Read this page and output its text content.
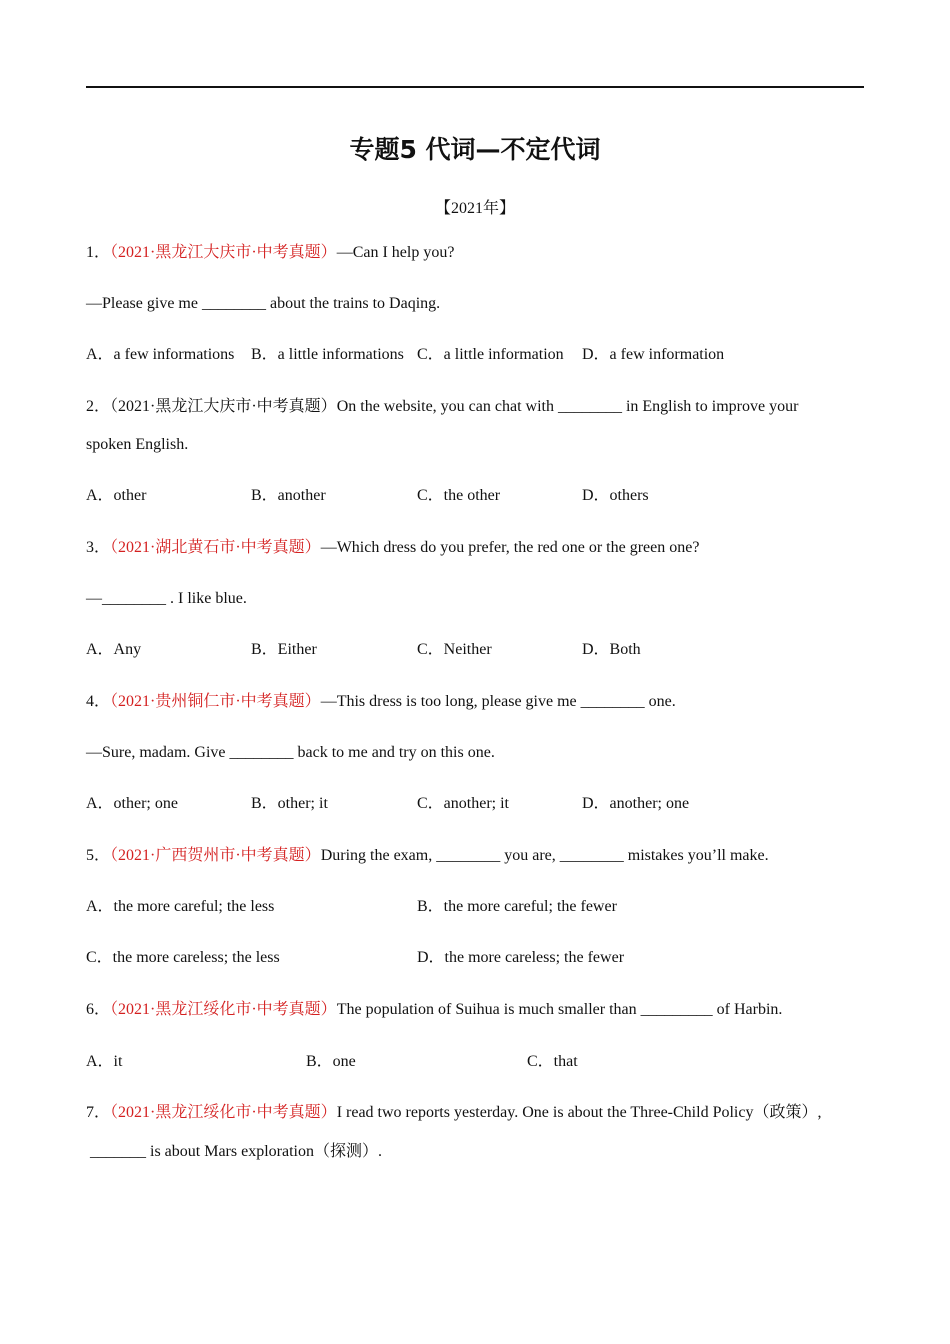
专题5 代词—不定代词
【2021年】
1．（2021·黑龙江大庆市·中考真题）—Can I help you?
—Please give me ________ about the trains to Daqing.
A．a few informations B．a little informations C．a little information D．a few information
2．（2021·黑龙江大庆市·中考真题）On the website, you can chat with ________ in English to improve your
spoken English.
A．other	B．another	C．the other	D．others
3．（2021·湖北黄石市·中考真题）—Which dress do you prefer, the red one or the green one?
—________ . I like blue.
A．Any	B．Either	C．Neither	D．Both
4．（2021·贵州铜仁市·中考真题）—This dress is too long, please give me ________ one.
—Sure, madam. Give ________ back to me and try on this one.
A．other; one	B．other; it	C．another; it	D．another; one
5．（2021·广西贺州市·中考真题）During the exam, ________ you are, ________ mistakes you’ll make.
A．the more careful; the less	B．the more careful; the fewer
C．the more careless; the less	D．the more careless; the fewer
6．（2021·黑龙江绥化市·中考真题）The population of Suihua is much smaller than _________ of Harbin.
A．it	B．one	C．that
7．（2021·黑龙江绥化市·中考真题）I read two reports yesterday. One is about the Three-Child Policy（政策）,
_______ is about Mars exploration（探测）.
